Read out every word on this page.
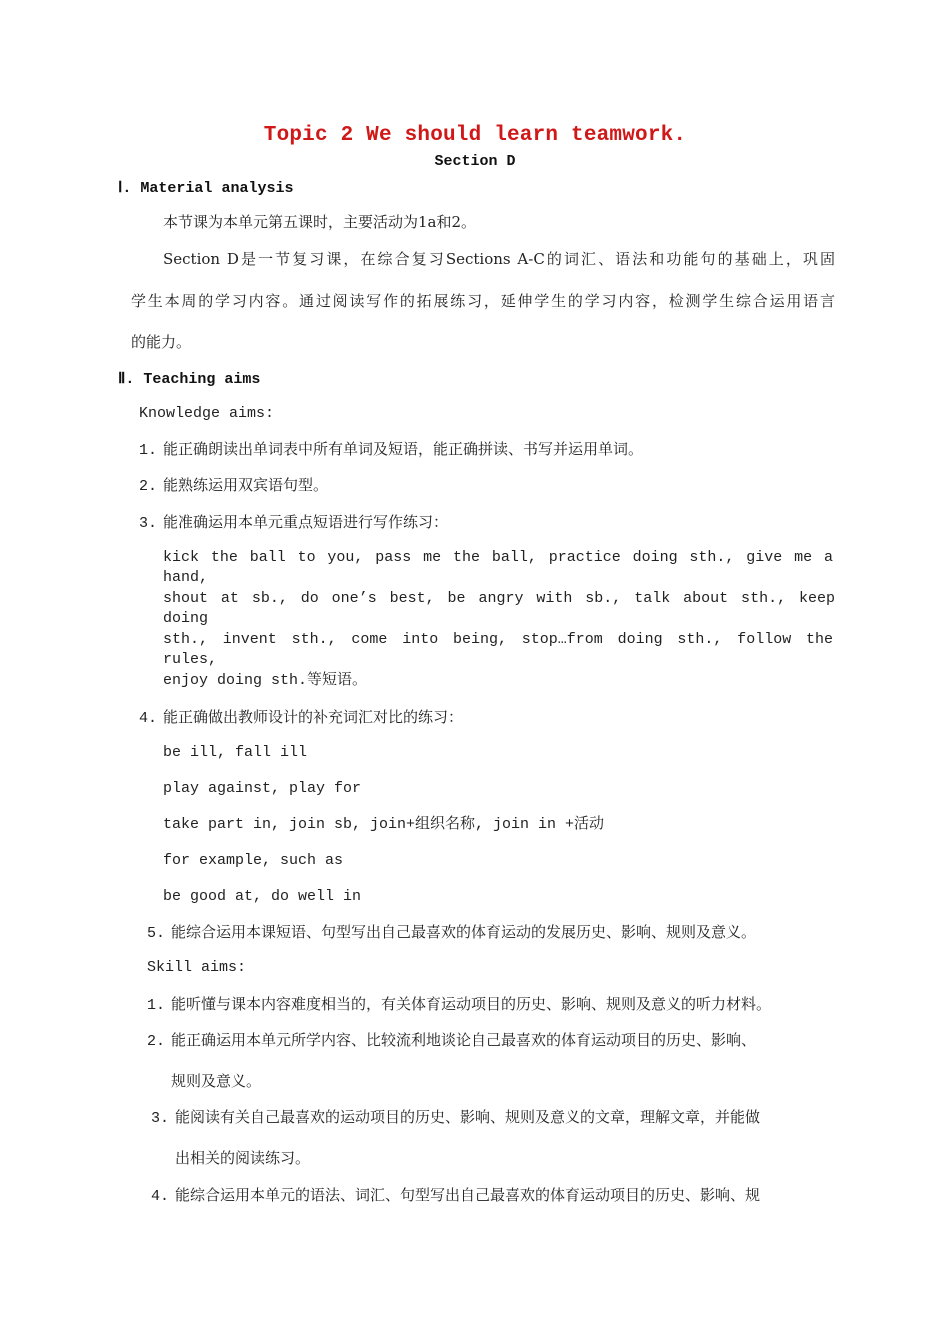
Topic 2 We should learn teamwork.
Section D
Ⅰ. Material analysis
本节课为本单元第五课时，主要活动为1a和2。
Section D是一节复习课，在综合复习Sections A-C的词汇、语法和功能句的基础上，巩固
学生本周的学习内容。通过阅读写作的拓展练习，延伸学生的学习内容，检测学生综合运用语言
的能力。
Ⅱ. Teaching aims
Knowledge aims:
1. 能正确朗读出单词表中所有单词及短语，能正确拼读、书写并运用单词。
2. 能熟练运用双宾语句型。
3. 能准确运用本单元重点短语进行写作练习：
kick the ball to you, pass me the ball, practice doing sth., give me a hand,
shout at sb., do one’s best, be angry with sb., talk about sth., keep doing
sth., invent sth., come into being, stop…from doing sth., follow the rules,
enjoy doing sth.等短语。
4. 能正确做出教师设计的补充词汇对比的练习：
be ill, fall ill
play against, play for
take part in, join sb, join+组织名称, join in +活动
for example, such as
be good at, do well in
5. 能综合运用本课短语、句型写出自己最喜欢的体育运动的发展历史、影响、规则及意义。
Skill aims:
1. 能听懂与课本内容难度相当的，有关体育运动项目的历史、影响、规则及意义的听力材料。
2. 能正确运用本单元所学内容、比较流利地谈论自己最喜欢的体育运动项目的历史、影响、
规则及意义。
3. 能阅读有关自己最喜欢的运动项目的历史、影响、规则及意义的文章，理解文章，并能做
出相关的阅读练习。
4. 能综合运用本单元的语法、词汇、句型写出自己最喜欢的体育运动项目的历史、影响、规
